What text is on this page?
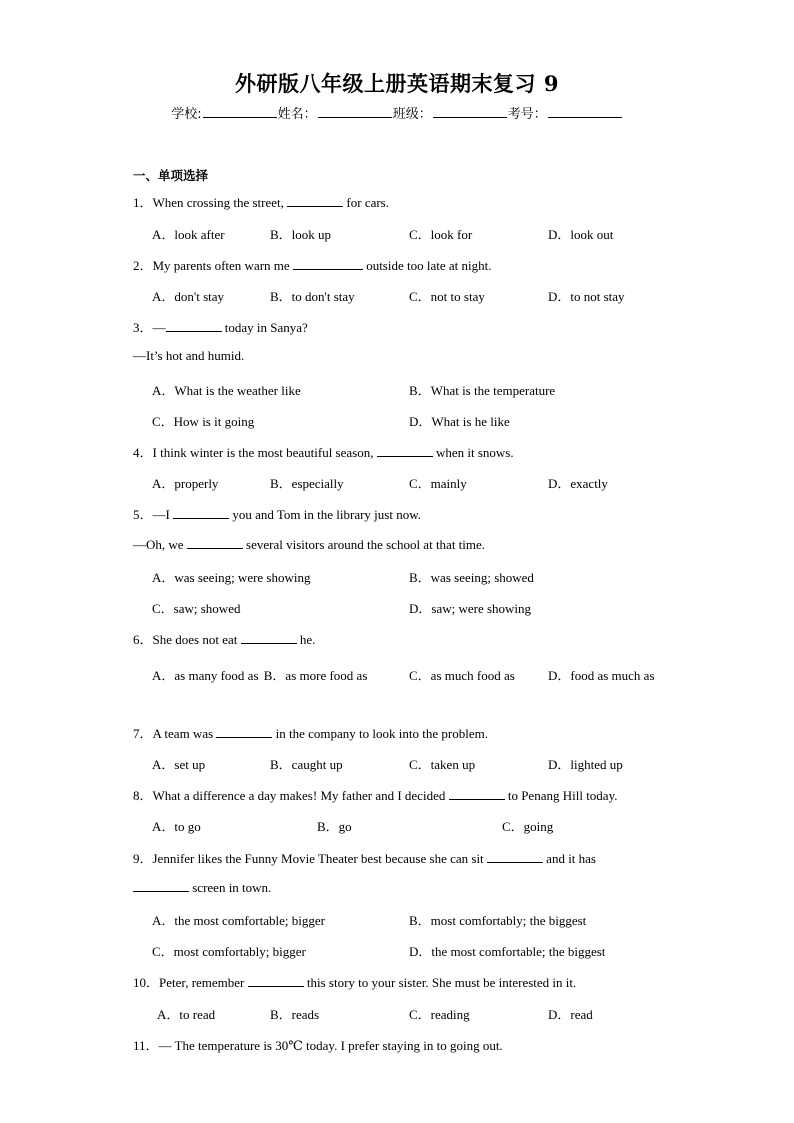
外研版八年级上册英语期末复习 9
学校:	姓名：	班级：	考号：
一、单项选择
1．When crossing the street,	for cars.
A．look after	B．look up	C．look for	D．look out
2．My parents often warn me	outside too late at night.
A．don't stay	B．to don't stay	C．not to stay	D．to not stay
3．—	today in Sanya?
—It’s hot and humid.
A．What is the weather like	B．What is the temperature
C．How is it going	D．What is he like
4．I think winter is the most beautiful season,	when it snows.
A．properly	B．especially	C．mainly	D．exactly
5．—I	you and Tom in the library just now.
—Oh, we	several visitors around the school at that time.
A．was seeing; were showing	B．was seeing; showed
C．saw; showed	D．saw; were showing
6．She does not eat	he.
A．as many food as B．as more food as	C．as much food as	D．food as much as
7．A team was	in the company to look into the problem.
A．set up	B．caught up	C．taken up	D．lighted up
8．What a difference a day makes! My father and I decided	to Penang Hill today.
A．to go	B．go	C．going
9．Jennifer likes the Funny Movie Theater best because she can sit	and it has
screen in town.
A．the most comfortable; bigger	B．most comfortably; the biggest
C．most comfortably; bigger	D．the most comfortable; the biggest
10．Peter, remember	this story to your sister. She must be interested in it.
A．to read	B．reads	C．reading	D．read
11．— The temperature is 30℃ today. I prefer staying in to going out.
